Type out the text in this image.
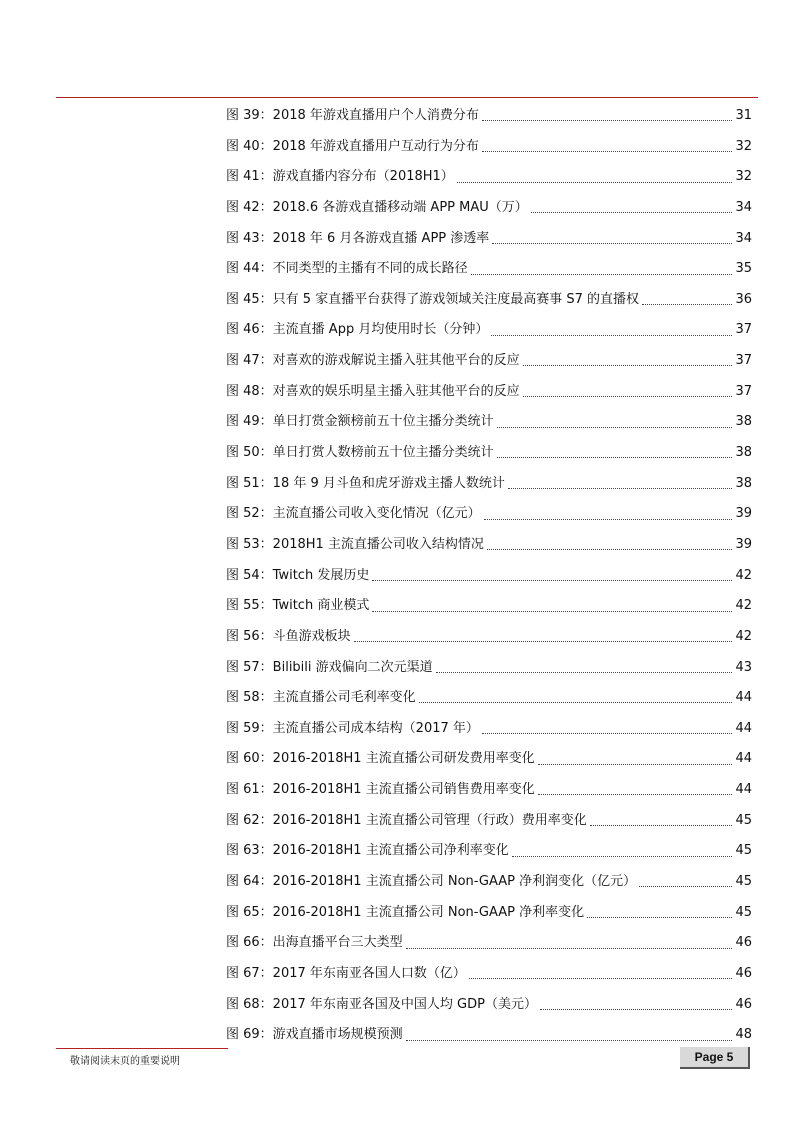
图 39：2018 年游戏直播用户个人消费分布	31
图 40：2018 年游戏直播用户互动行为分布	32
图 41：游戏直播内容分布（2018H1）	32
图 42：2018.6 各游戏直播移动端 APP MAU（万）	34
图 43：2018 年 6 月各游戏直播 APP 渗透率	34
图 44：不同类型的主播有不同的成长路径	35
图 45：只有 5 家直播平台获得了游戏领域关注度最高赛事 S7 的直播权	36
图 46：主流直播 App 月均使用时长（分钟）	37
图 47：对喜欢的游戏解说主播入驻其他平台的反应	37
图 48：对喜欢的娱乐明星主播入驻其他平台的反应	37
图 49：单日打赏金额榜前五十位主播分类统计	38
图 50：单日打赏人数榜前五十位主播分类统计	38
图 51：18 年 9 月斗鱼和虎牙游戏主播人数统计	38
图 52：主流直播公司收入变化情况（亿元）	39
图 53：2018H1 主流直播公司收入结构情况	39
图 54：Twitch 发展历史	42
图 55：Twitch 商业模式	42
图 56：斗鱼游戏板块	42
图 57：Bilibili 游戏偏向二次元渠道	43
图 58：主流直播公司毛利率变化	44
图 59：主流直播公司成本结构（2017 年）	44
图 60：2016-2018H1 主流直播公司研发费用率变化	44
图 61：2016-2018H1 主流直播公司销售费用率变化	44
图 62：2016-2018H1 主流直播公司管理（行政）费用率变化	45
图 63：2016-2018H1 主流直播公司净利率变化	45
图 64：2016-2018H1 主流直播公司 Non-GAAP 净利润变化（亿元）	45
图 65：2016-2018H1 主流直播公司 Non-GAAP 净利率变化	45
图 66：出海直播平台三大类型	46
图 67：2017 年东南亚各国人口数（亿）	46
图 68：2017 年东南亚各国及中国人均 GDP（美元）	46
图 69：游戏直播市场规模预测	48
敬请阅读末页的重要说明	Page 5
